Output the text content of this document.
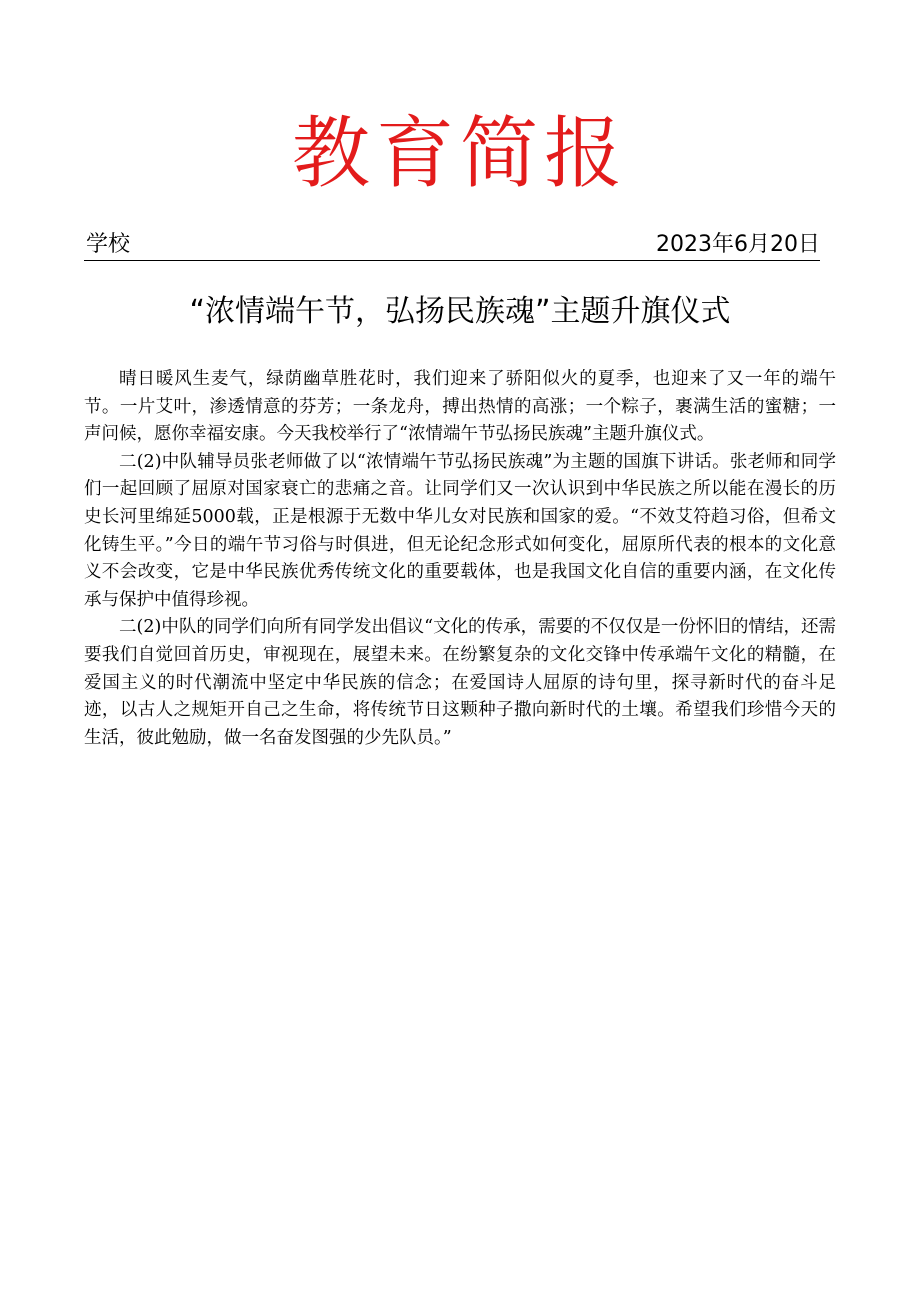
教育简报
学校	2023年6月20日
“浓情端午节，弘扬民族魂”主题升旗仪式

晴日暖风生麦气，绿荫幽草胜花时，我们迎来了骄阳似火的夏季，也迎来了又一年的端午节。一片艾叶，渗透情意的芬芳；一条龙舟，搏出热情的高涨；一个粽子，裹满生活的蜜糖；一声问候，愿你幸福安康。今天我校举行了“浓情端午节弘扬民族魂”主题升旗仪式。

二(2)中队辅导员张老师做了以“浓情端午节弘扬民族魂”为主题的国旗下讲话。张老师和同学们一起回顾了屈原对国家衰亡的悲痛之音。让同学们又一次认识到中华民族之所以能在漫长的历史长河里绵延5000载，正是根源于无数中华儿女对民族和国家的爱。“不效艾符趋习俗，但希文化铸生平。”今日的端午节习俗与时俱进，但无论纪念形式如何变化，屈原所代表的根本的文化意义不会改变，它是中华民族优秀传统文化的重要载体，也是我国文化自信的重要内涵，在文化传承与保护中值得珍视。

二(2)中队的同学们向所有同学发出倡议“文化的传承，需要的不仅仅是一份怀旧的情结，还需要我们自觉回首历史，审视现在，展望未来。在纷繁复杂的文化交锋中传承端午文化的精髓，在爱国主义的时代潮流中坚定中华民族的信念；在爱国诗人屈原的诗句里，探寻新时代的奋斗足迹，以古人之规矩开自己之生命，将传统节日这颗种子撒向新时代的土壤。希望我们珍惜今天的生活，彼此勉励，做一名奋发图强的少先队员。”
